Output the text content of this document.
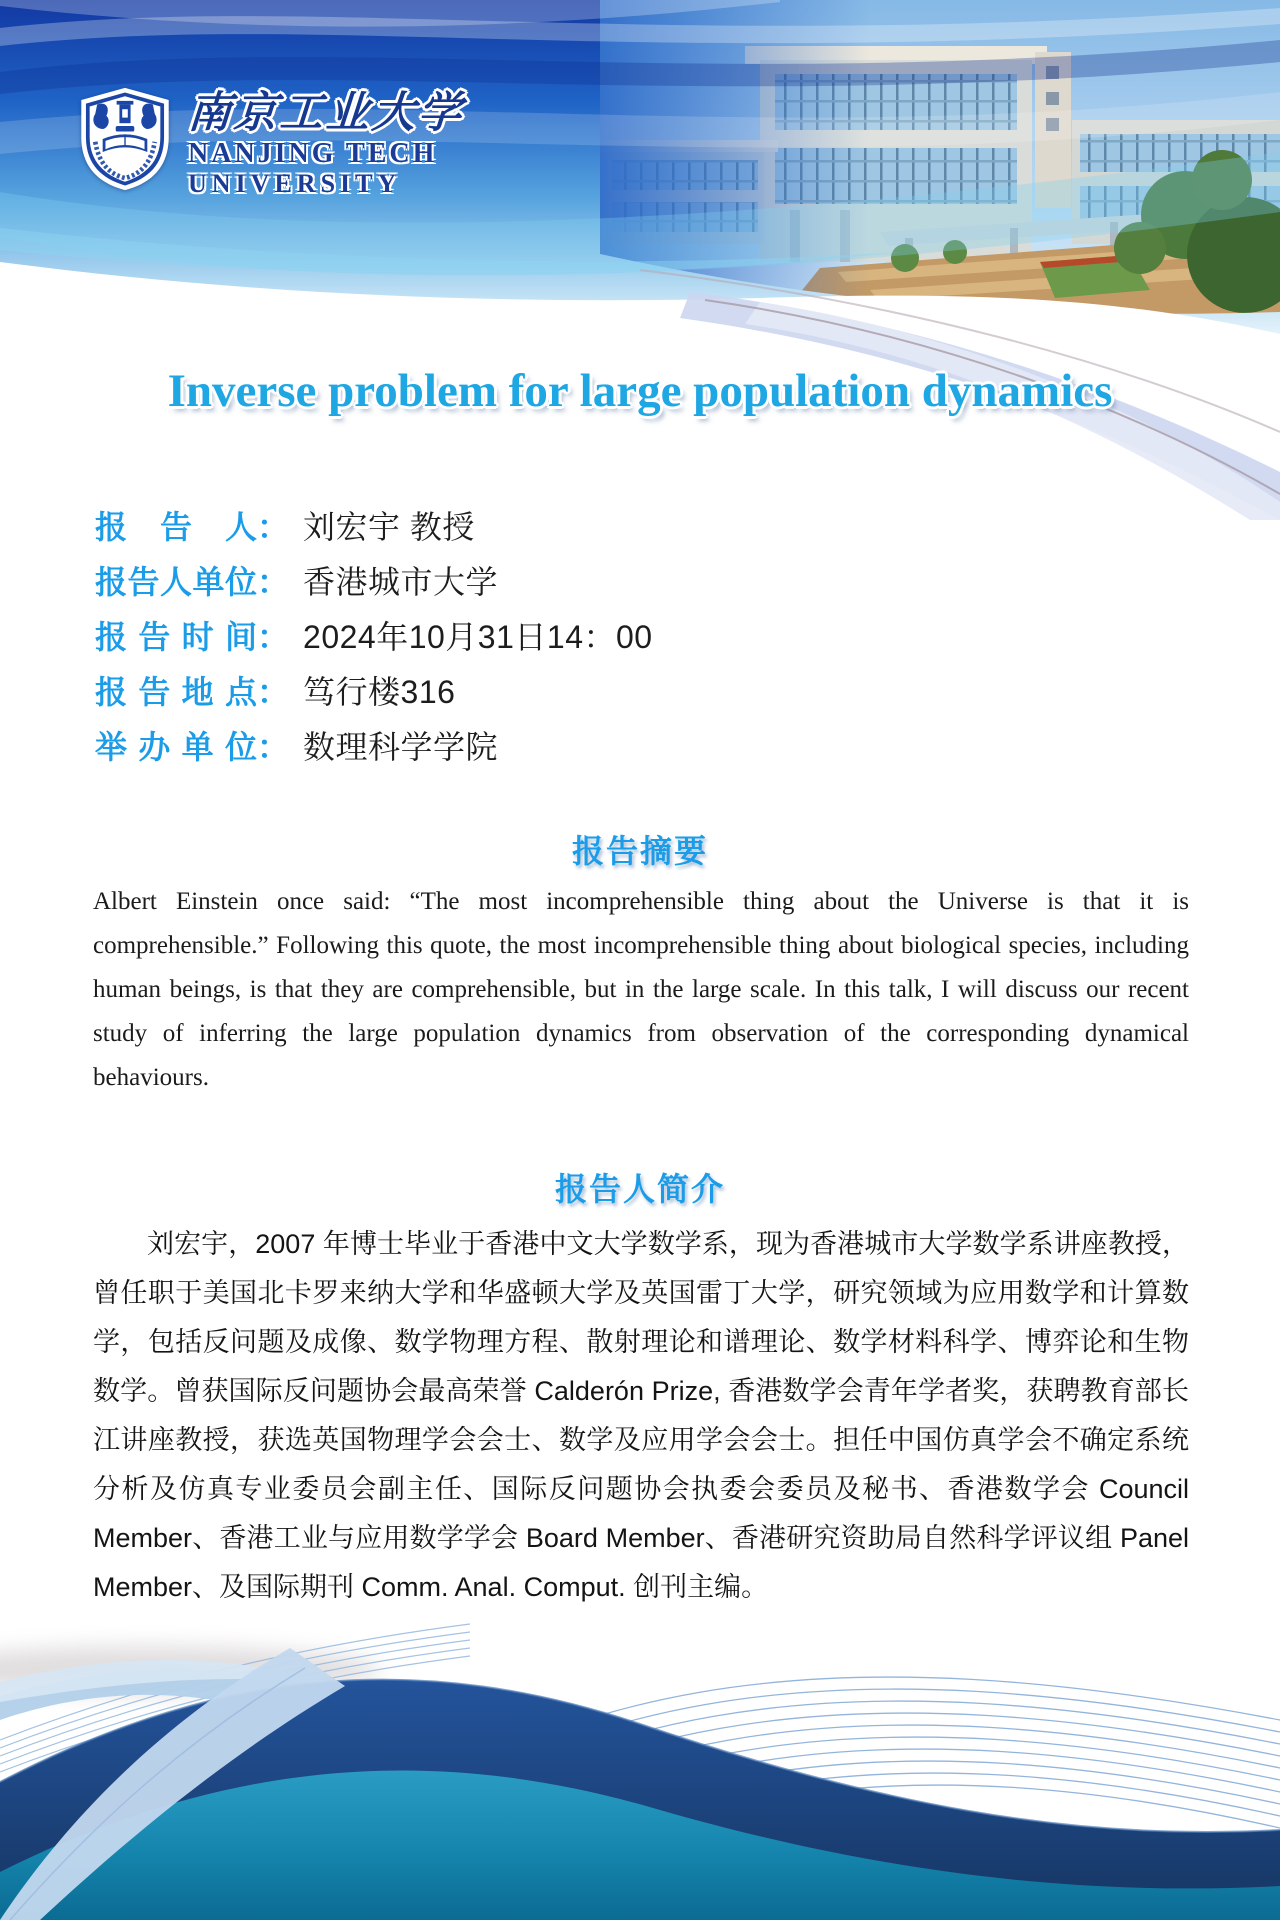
南京工业大学
NANJING TECH
UNIVERSITY
Inverse problem for large population dynamics
报告人： 刘宏宇 教授
报告人单位： 香港城市大学
报告时间： 2024年10月31日14：00
报告地点： 笃行楼316
举办单位： 数理科学学院
报告摘要
Albert Einstein once said: “The most incomprehensible thing about the Universe is that it is comprehensible.” Following this quote, the most incomprehensible thing about biological species, including human beings, is that they are comprehensible, but in the large scale. In this talk, I will discuss our recent study of inferring the large population dynamics from observation of the corresponding dynamical behaviours.
报告人简介
刘宏宇，2007 年博士毕业于香港中文大学数学系，现为香港城市大学数学系讲座教授，曾任职于美国北卡罗来纳大学和华盛顿大学及英国雷丁大学，研究领域为应用数学和计算数学，包括反问题及成像、数学物理方程、散射理论和谱理论、数学材料科学、博弈论和生物数学。曾获国际反问题协会最高荣誉 Calderón Prize, 香港数学会青年学者奖，获聘教育部长江讲座教授，获选英国物理学会会士、数学及应用学会会士。担任中国仿真学会不确定系统分析及仿真专业委员会副主任、国际反问题协会执委会委员及秘书、香港数学会 Council Member、香港工业与应用数学学会 Board Member、香港研究资助局自然科学评议组 Panel Member、及国际期刊 Comm. Anal. Comput. 创刊主编。
